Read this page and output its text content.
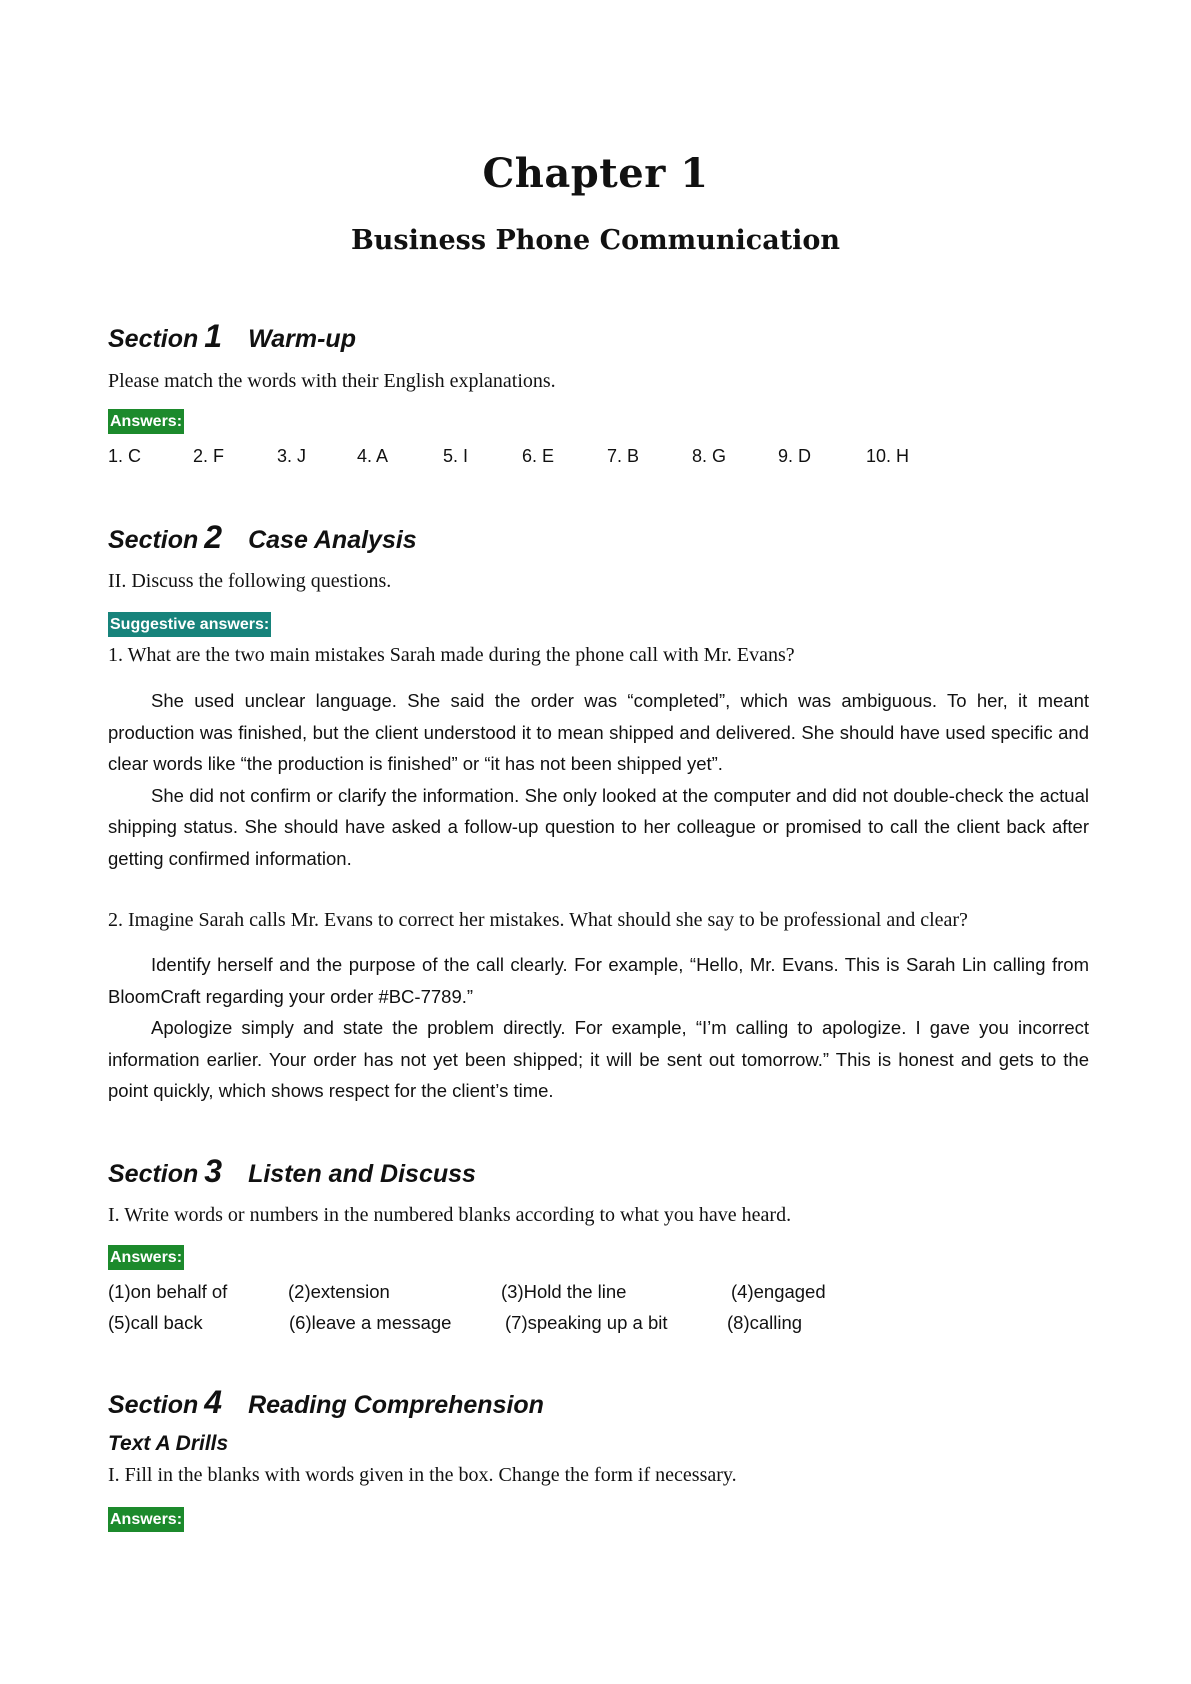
Chapter 1
Business Phone Communication
Section 1 Warm-up
Please match the words with their English explanations.
Answers:
1. C	2. F	3. J	4. A	5. I	6. E	7. B	8. G	9. D	10. H
Section 2 Case Analysis
II. Discuss the following questions.
Suggestive answers:
1. What are the two main mistakes Sarah made during the phone call with Mr. Evans?
She used unclear language. She said the order was “completed”, which was ambiguous. To her, it meant production was finished, but the client understood it to mean shipped and delivered. She should have used specific and clear words like “the production is finished” or “it has not been shipped yet”.
She did not confirm or clarify the information. She only looked at the computer and did not double-check the actual shipping status. She should have asked a follow-up question to her colleague or promised to call the client back after getting confirmed information.
2. Imagine Sarah calls Mr. Evans to correct her mistakes. What should she say to be professional and clear?
Identify herself and the purpose of the call clearly. For example, “Hello, Mr. Evans. This is Sarah Lin calling from BloomCraft regarding your order #BC-7789.”
Apologize simply and state the problem directly. For example, “I’m calling to apologize. I gave you incorrect information earlier. Your order has not yet been shipped; it will be sent out tomorrow.” This is honest and gets to the point quickly, which shows respect for the client’s time.
Section 3 Listen and Discuss
I. Write words or numbers in the numbered blanks according to what you have heard.
Answers:
(1)on behalf of	(2)extension	(3)Hold the line	(4)engaged
(5)call back	(6)leave a message	(7)speaking up a bit	(8)calling
Section 4 Reading Comprehension
Text A Drills
I. Fill in the blanks with words given in the box. Change the form if necessary.
Answers:
